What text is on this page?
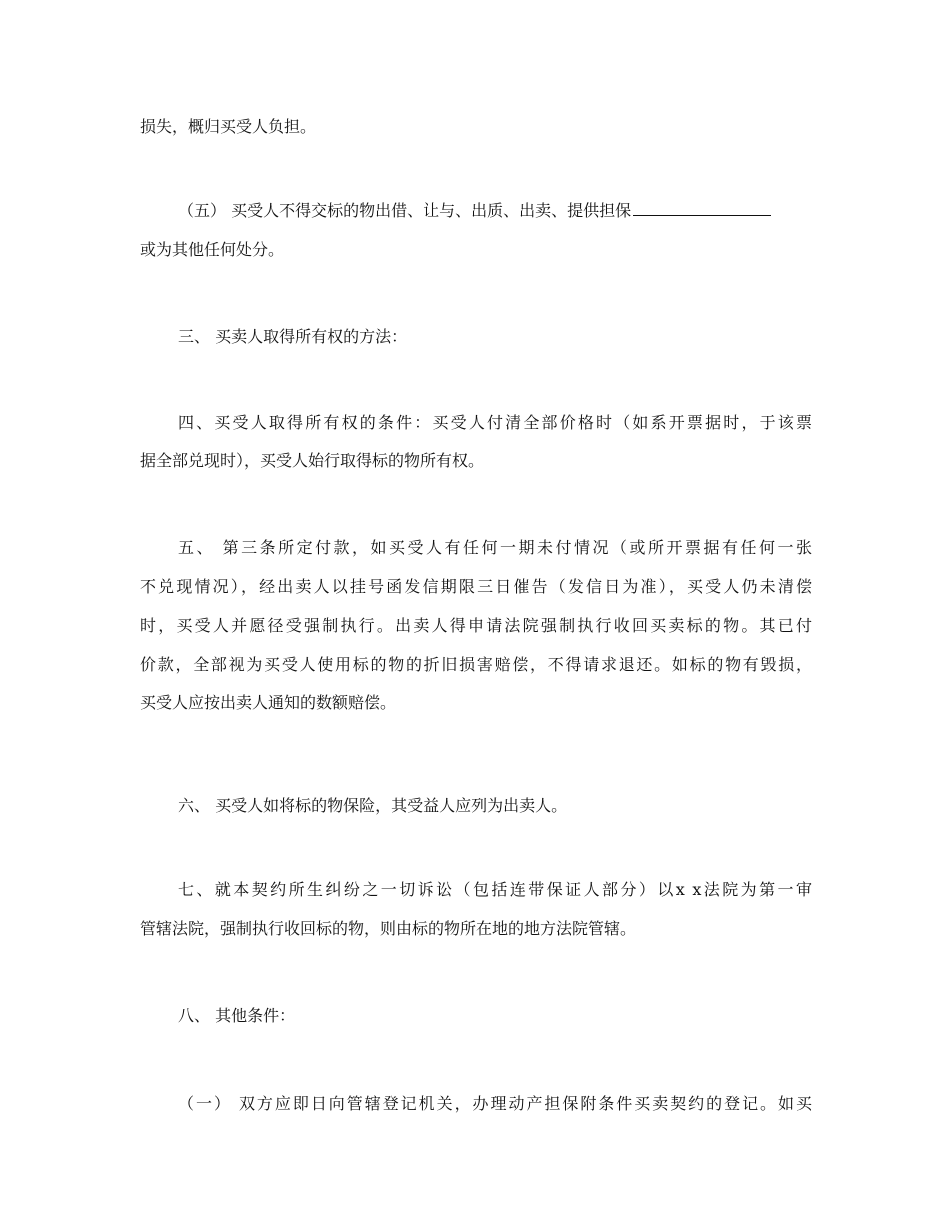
损失，概归买受人负担。
（五） 买受人不得交标的物出借、让与、出质、出卖、提供担保
或为其他任何处分。
三、 买卖人取得所有权的方法：
四、买受人取得所有权的条件：买受人付清全部价格时（如系开票据时，于该票
据全部兑现时），买受人始行取得标的物所有权。
五、 第三条所定付款，如买受人有任何一期未付情况（或所开票据有任何一张
不兑现情况），经出卖人以挂号函发信期限三日催告（发信日为准），买受人仍未清偿
时，买受人并愿径受强制执行。出卖人得申请法院强制执行收回买卖标的物。其已付
价款，全部视为买受人使用标的物的折旧损害赔偿，不得请求退还。如标的物有毁损，
买受人应按出卖人通知的数额赔偿。
六、 买受人如将标的物保险，其受益人应列为出卖人。
七、就本契约所生纠纷之一切诉讼（包括连带保证人部分）以x x法院为第一审
管辖法院，强制执行收回标的物，则由标的物所在地的地方法院管辖。
八、 其他条件：
（一） 双方应即日向管辖登记机关，办理动产担保附条件买卖契约的登记。如买
